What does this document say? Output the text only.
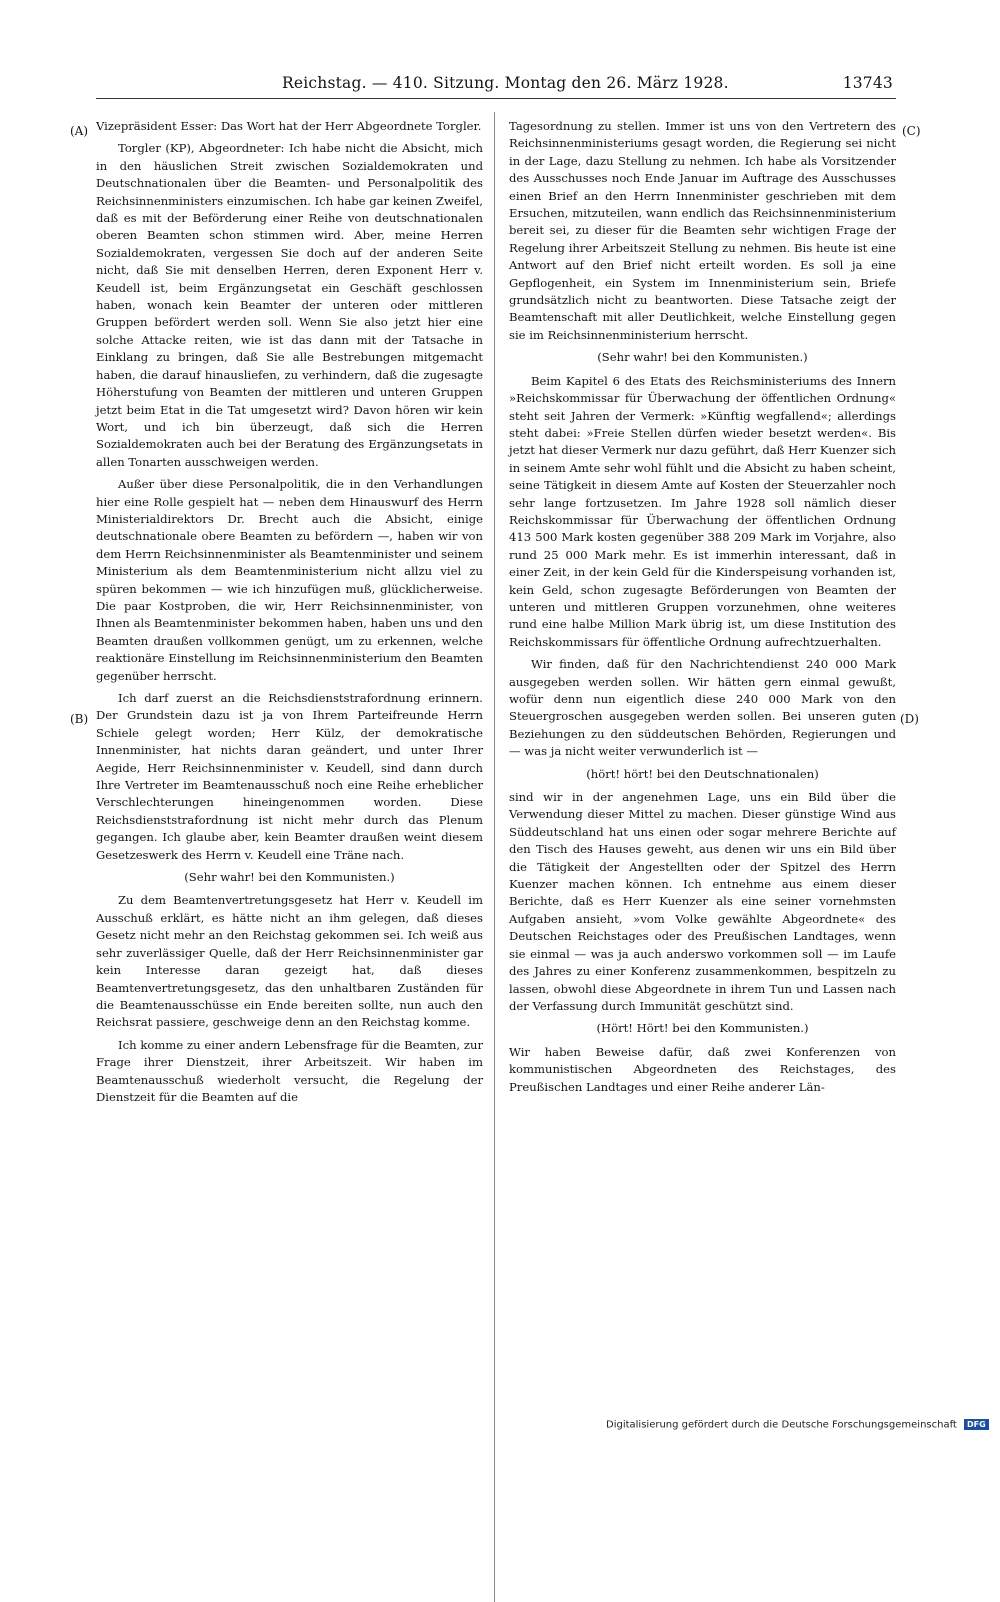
Reichstag. — 410. Sitzung. Montag den 26. März 1928.	13743
(A)
(B)
(C)
(D)

Vizepräsident Esser: Das Wort hat der Herr Abgeordnete Torgler.

Torgler (KP), Abgeordneter: Ich habe nicht die Absicht, mich in den häuslichen Streit zwischen Sozialdemokraten und Deutschnationalen über die Beamten- und Personalpolitik des Reichsinnenministers einzumischen. Ich habe gar keinen Zweifel, daß es mit der Beförderung einer Reihe von deutschnationalen oberen Beamten schon stimmen wird. Aber, meine Herren Sozialdemokraten, vergessen Sie doch auf der anderen Seite nicht, daß Sie mit denselben Herren, deren Exponent Herr v. Keudell ist, beim Ergänzungsetat ein Geschäft geschlossen haben, wonach kein Beamter der unteren oder mittleren Gruppen befördert werden soll. Wenn Sie also jetzt hier eine solche Attacke reiten, wie ist das dann mit der Tatsache in Einklang zu bringen, daß Sie alle Bestrebungen mitgemacht haben, die darauf hinausliefen, zu verhindern, daß die zugesagte Höherstufung von Beamten der mittleren und unteren Gruppen jetzt beim Etat in die Tat umgesetzt wird? Davon hören wir kein Wort, und ich bin überzeugt, daß sich die Herren Sozialdemokraten auch bei der Beratung des Ergänzungsetats in allen Tonarten ausschweigen werden.

Außer über diese Personalpolitik, die in den Verhandlungen hier eine Rolle gespielt hat — neben dem Hinauswurf des Herrn Ministerialdirektors Dr. Brecht auch die Absicht, einige deutschnationale obere Beamten zu befördern —, haben wir von dem Herrn Reichsinnenminister als Beamtenminister und seinem Ministerium als dem Beamtenministerium nicht allzu viel zu spüren bekommen — wie ich hinzufügen muß, glücklicherweise. Die paar Kostproben, die wir, Herr Reichsinnenminister, von Ihnen als Beamtenminister bekommen haben, haben uns und den Beamten draußen vollkommen genügt, um zu erkennen, welche reaktionäre Einstellung im Reichsinnenministerium den Beamten gegenüber herrscht.

Ich darf zuerst an die Reichsdienststrafordnung erinnern. Der Grundstein dazu ist ja von Ihrem Parteifreunde Herrn Schiele gelegt worden; Herr Külz, der demokratische Innenminister, hat nichts daran geändert, und unter Ihrer Aegide, Herr Reichsinnenminister v. Keudell, sind dann durch Ihre Vertreter im Beamtenausschuß noch eine Reihe erheblicher Verschlechterungen hineingenommen worden. Diese Reichsdienststrafordnung ist nicht mehr durch das Plenum gegangen. Ich glaube aber, kein Beamter draußen weint diesem Gesetzeswerk des Herrn v. Keudell eine Träne nach.

(Sehr wahr! bei den Kommunisten.)

Zu dem Beamtenvertretungsgesetz hat Herr v. Keudell im Ausschuß erklärt, es hätte nicht an ihm gelegen, daß dieses Gesetz nicht mehr an den Reichstag gekommen sei. Ich weiß aus sehr zuverlässiger Quelle, daß der Herr Reichsinnenminister gar kein Interesse daran gezeigt hat, daß dieses Beamtenvertretungsgesetz, das den unhaltbaren Zuständen für die Beamtenausschüsse ein Ende bereiten sollte, nun auch den Reichsrat passiere, geschweige denn an den Reichstag komme.

Ich komme zu einer andern Lebensfrage für die Beamten, zur Frage ihrer Dienstzeit, ihrer Arbeitszeit. Wir haben im Beamtenausschuß wiederholt versucht, die Regelung der Dienstzeit für die Beamten auf die

Tagesordnung zu stellen. Immer ist uns von den Vertretern des Reichsinnenministeriums gesagt worden, die Regierung sei nicht in der Lage, dazu Stellung zu nehmen. Ich habe als Vorsitzender des Ausschusses noch Ende Januar im Auftrage des Ausschusses einen Brief an den Herrn Innenminister geschrieben mit dem Ersuchen, mitzuteilen, wann endlich das Reichsinnenministerium bereit sei, zu dieser für die Beamten sehr wichtigen Frage der Regelung ihrer Arbeitszeit Stellung zu nehmen. Bis heute ist eine Antwort auf den Brief nicht erteilt worden. Es soll ja eine Gepflogenheit, ein System im Innenministerium sein, Briefe grundsätzlich nicht zu beantworten. Diese Tatsache zeigt der Beamtenschaft mit aller Deutlichkeit, welche Einstellung gegen sie im Reichsinnenministerium herrscht.

(Sehr wahr! bei den Kommunisten.)

Beim Kapitel 6 des Etats des Reichsministeriums des Innern »Reichskommissar für Überwachung der öffentlichen Ordnung« steht seit Jahren der Vermerk: »Künftig wegfallend«; allerdings steht dabei: »Freie Stellen dürfen wieder besetzt werden«. Bis jetzt hat dieser Vermerk nur dazu geführt, daß Herr Kuenzer sich in seinem Amte sehr wohl fühlt und die Absicht zu haben scheint, seine Tätigkeit in diesem Amte auf Kosten der Steuerzahler noch sehr lange fortzusetzen. Im Jahre 1928 soll nämlich dieser Reichskommissar für Überwachung der öffentlichen Ordnung 413 500 Mark kosten gegenüber 388 209 Mark im Vorjahre, also rund 25 000 Mark mehr. Es ist immerhin interessant, daß in einer Zeit, in der kein Geld für die Kinderspeisung vorhanden ist, kein Geld, schon zugesagte Beförderungen von Beamten der unteren und mittleren Gruppen vorzunehmen, ohne weiteres rund eine halbe Million Mark übrig ist, um diese Institution des Reichskommissars für öffentliche Ordnung aufrechtzuerhalten.

Wir finden, daß für den Nachrichtendienst 240 000 Mark ausgegeben werden sollen. Wir hätten gern einmal gewußt, wofür denn nun eigentlich diese 240 000 Mark von den Steuergroschen ausgegeben werden sollen. Bei unseren guten Beziehungen zu den süddeutschen Behörden, Regierungen und — was ja nicht weiter verwunderlich ist —

(hört! hört! bei den Deutschnationalen)

sind wir in der angenehmen Lage, uns ein Bild über die Verwendung dieser Mittel zu machen. Dieser günstige Wind aus Süddeutschland hat uns einen oder sogar mehrere Berichte auf den Tisch des Hauses geweht, aus denen wir uns ein Bild über die Tätigkeit der Angestellten oder der Spitzel des Herrn Kuenzer machen können. Ich entnehme aus einem dieser Berichte, daß es Herr Kuenzer als eine seiner vornehmsten Aufgaben ansieht, »vom Volke gewählte Abgeordnete« des Deutschen Reichstages oder des Preußischen Landtages, wenn sie einmal — was ja auch anderswo vorkommen soll — im Laufe des Jahres zu einer Konferenz zusammenkommen, bespitzeln zu lassen, obwohl diese Abgeordnete in ihrem Tun und Lassen nach der Verfassung durch Immunität geschützt sind.

(Hört! Hört! bei den Kommunisten.)

Wir haben Beweise dafür, daß zwei Konferenzen von kommunistischen Abgeordneten des Reichstages, des Preußischen Landtages und einer Reihe anderer Län-

Digitalisierung gefördert durch die Deutsche Forschungsgemeinschaft DFG
